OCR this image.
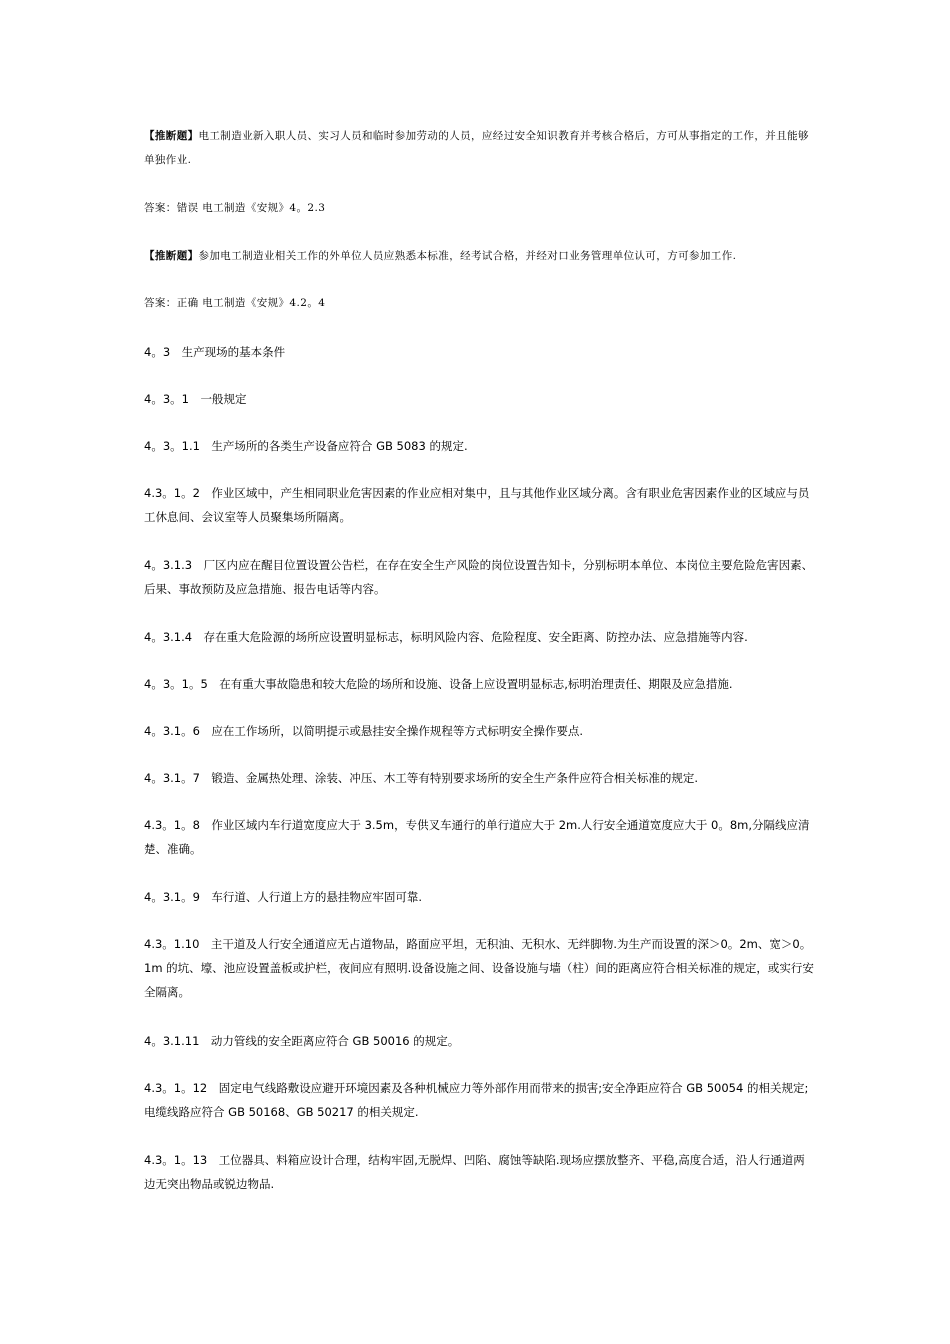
【推断题】电工制造业新入职人员、实习人员和临时参加劳动的人员，应经过安全知识教育并考核合格后，方可从事指定的工作，并且能够单独作业.

答案：错误 电工制造《安规》4。2.3

【推断题】参加电工制造业相关工作的外单位人员应熟悉本标准，经考试合格，并经对口业务管理单位认可，方可参加工作.

答案：正确 电工制造《安规》4.2。4

4。3　生产现场的基本条件

4。3。1　一般规定

4。3。1.1　生产场所的各类生产设备应符合 GB 5083 的规定.

4.3。1。2　作业区域中，产生相同职业危害因素的作业应相对集中，且与其他作业区域分离。含有职业危害因素作业的区域应与员工休息间、会议室等人员聚集场所隔离。

4。3.1.3　厂区内应在醒目位置设置公告栏，在存在安全生产风险的岗位设置告知卡，分别标明本单位、本岗位主要危险危害因素、后果、事故预防及应急措施、报告电话等内容。

4。3.1.4　存在重大危险源的场所应设置明显标志，标明风险内容、危险程度、安全距离、防控办法、应急措施等内容.

4。3。1。5　在有重大事故隐患和较大危险的场所和设施、设备上应设置明显标志,标明治理责任、期限及应急措施.

4。3.1。6　应在工作场所，以简明提示或悬挂安全操作规程等方式标明安全操作要点.

4。3.1。7　锻造、金属热处理、涂装、冲压、木工等有特别要求场所的安全生产条件应符合相关标准的规定.

4.3。1。8　作业区域内车行道宽度应大于 3.5m，专供叉车通行的单行道应大于 2m.人行安全通道宽度应大于 0。8m,分隔线应清楚、准确。

4。3.1。9　车行道、人行道上方的悬挂物应牢固可靠.

4.3。1.10　主干道及人行安全通道应无占道物品，路面应平坦，无积油、无积水、无绊脚物.为生产而设置的深＞0。2m、宽＞0。1m 的坑、壕、池应设置盖板或护栏，夜间应有照明.设备设施之间、设备设施与墙（柱）间的距离应符合相关标准的规定，或实行安全隔离。

4。3.1.11　动力管线的安全距离应符合 GB 50016 的规定。

4.3。1。12　固定电气线路敷设应避开环境因素及各种机械应力等外部作用而带来的损害;安全净距应符合 GB 50054 的相关规定;电缆线路应符合 GB 50168、GB 50217 的相关规定.

4.3。1。13　工位器具、料箱应设计合理，结构牢固,无脱焊、凹陷、腐蚀等缺陷.现场应摆放整齐、平稳,高度合适，沿人行通道两边无突出物品或锐边物品.
